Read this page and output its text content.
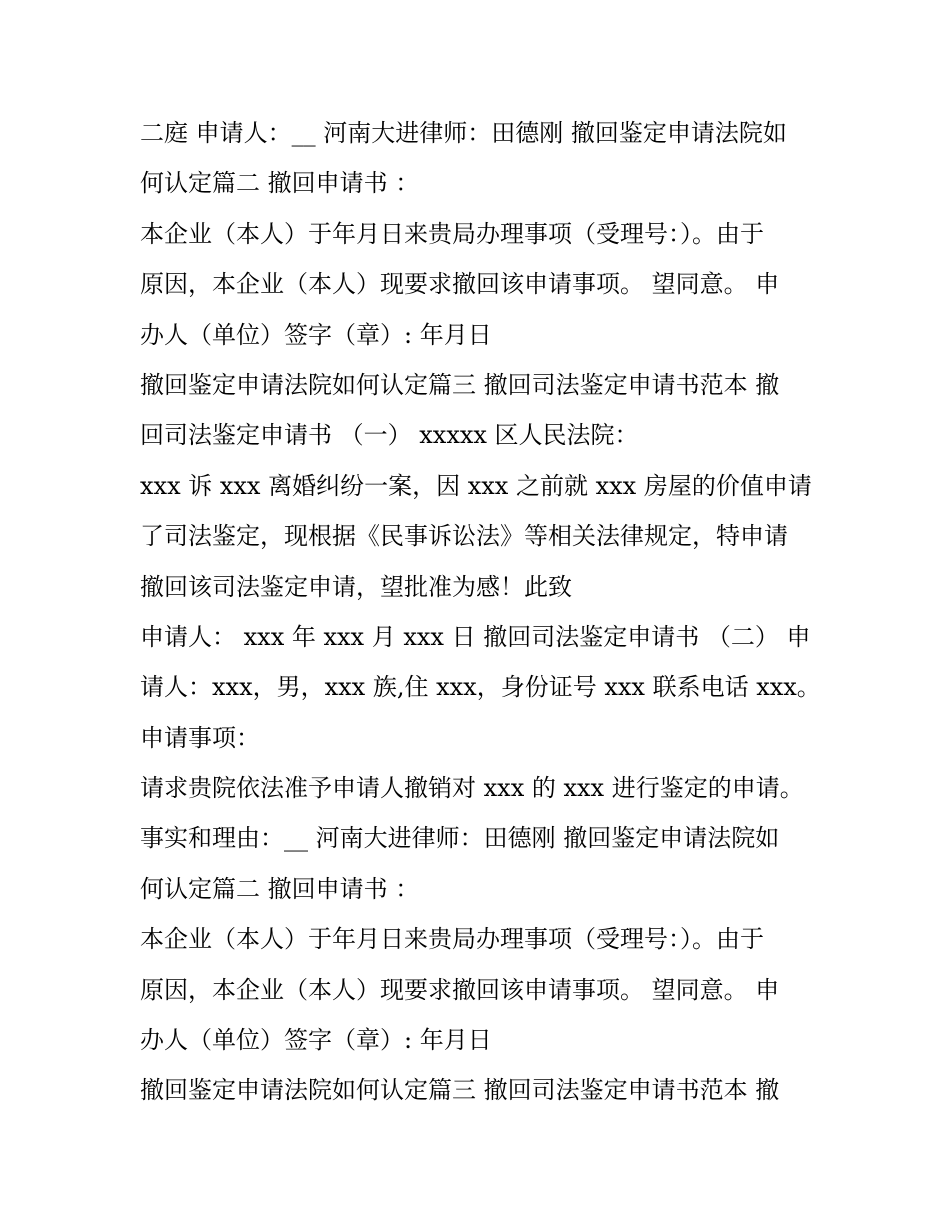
二庭 申请人：__ 河南大进律师：田德刚 撤回鉴定申请法院如
何认定篇二 撤回申请书 ：
本企业（本人）于年月日来贵局办理事项（受理号：）。由于
原因，本企业（本人）现要求撤回该申请事项。 望同意。 申
办人（单位）签字（章）: 年月日
撤回鉴定申请法院如何认定篇三 撤回司法鉴定申请书范本 撤
回司法鉴定申请书 （一） xxxxx 区人民法院：
xxx 诉 xxx 离婚纠纷一案，因 xxx 之前就 xxx 房屋的价值申请
了司法鉴定，现根据《民事诉讼法》等相关法律规定，特申请
撤回该司法鉴定申请，望批准为感！此致
申请人： xxx 年 xxx 月 xxx 日 撤回司法鉴定申请书 （二） 申
请人：xxx，男，xxx 族,住 xxx，身份证号 xxx 联系电话 xxx。
申请事项：
请求贵院依法准予申请人撤销对 xxx 的 xxx 进行鉴定的申请。
事实和理由：__ 河南大进律师：田德刚 撤回鉴定申请法院如
何认定篇二 撤回申请书 ：
本企业（本人）于年月日来贵局办理事项（受理号：）。由于
原因，本企业（本人）现要求撤回该申请事项。 望同意。 申
办人（单位）签字（章）: 年月日
撤回鉴定申请法院如何认定篇三 撤回司法鉴定申请书范本 撤
